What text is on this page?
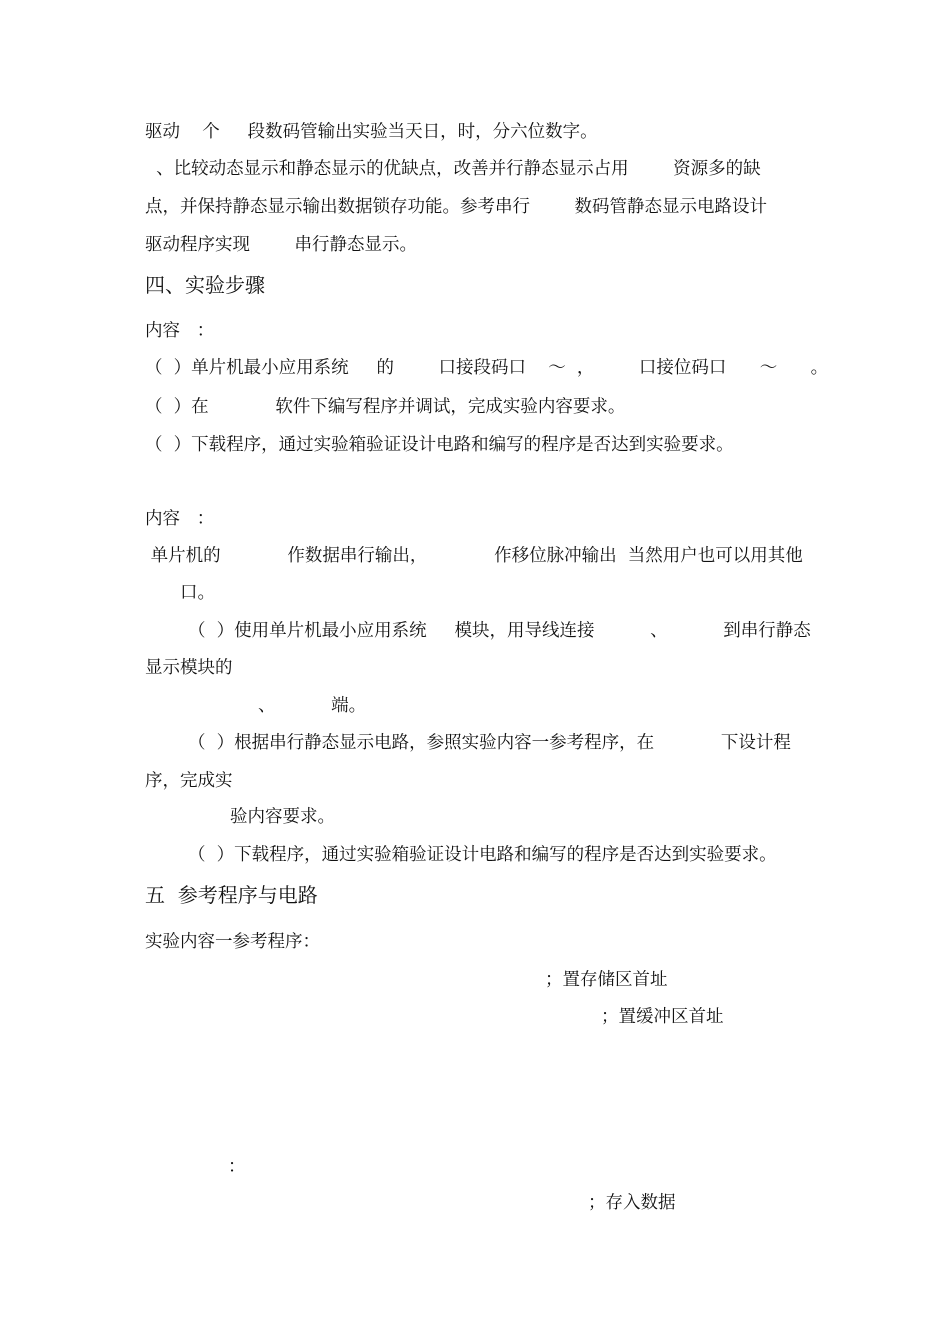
驱动    个     段数码管输出实验当天日，时，分六位数字。
、比较动态显示和静态显示的优缺点，改善并行静态显示占用        资源多的缺
点，并保持静态显示输出数据锁存功能。参考串行        数码管静态显示电路设计
驱动程序实现        串行静态显示。
四、实验步骤
内容   ：
（  ）单片机最小应用系统     的        口接段码口    ～  ，        口接位码口      ～      。
（  ）在            软件下编写程序并调试，完成实验内容要求。
（  ）下载程序，通过实验箱验证设计电路和编写的程序是否达到实验要求。
内容   ：
单片机的            作数据串行输出，            作移位脉冲输出  当然用户也可以用其他
口。
（  ）使用单片机最小应用系统     模块，用导线连接          、          到串行静态
显示模块的
、          端。
（  ）根据串行静态显示电路，参照实验内容一参考程序，在            下设计程
序，完成实
验内容要求。
（  ）下载程序，通过实验箱验证设计电路和编写的程序是否达到实验要求。
五  参考程序与电路
实验内容一参考程序：
；置存储区首址
；置缓冲区首址
：
；存入数据
